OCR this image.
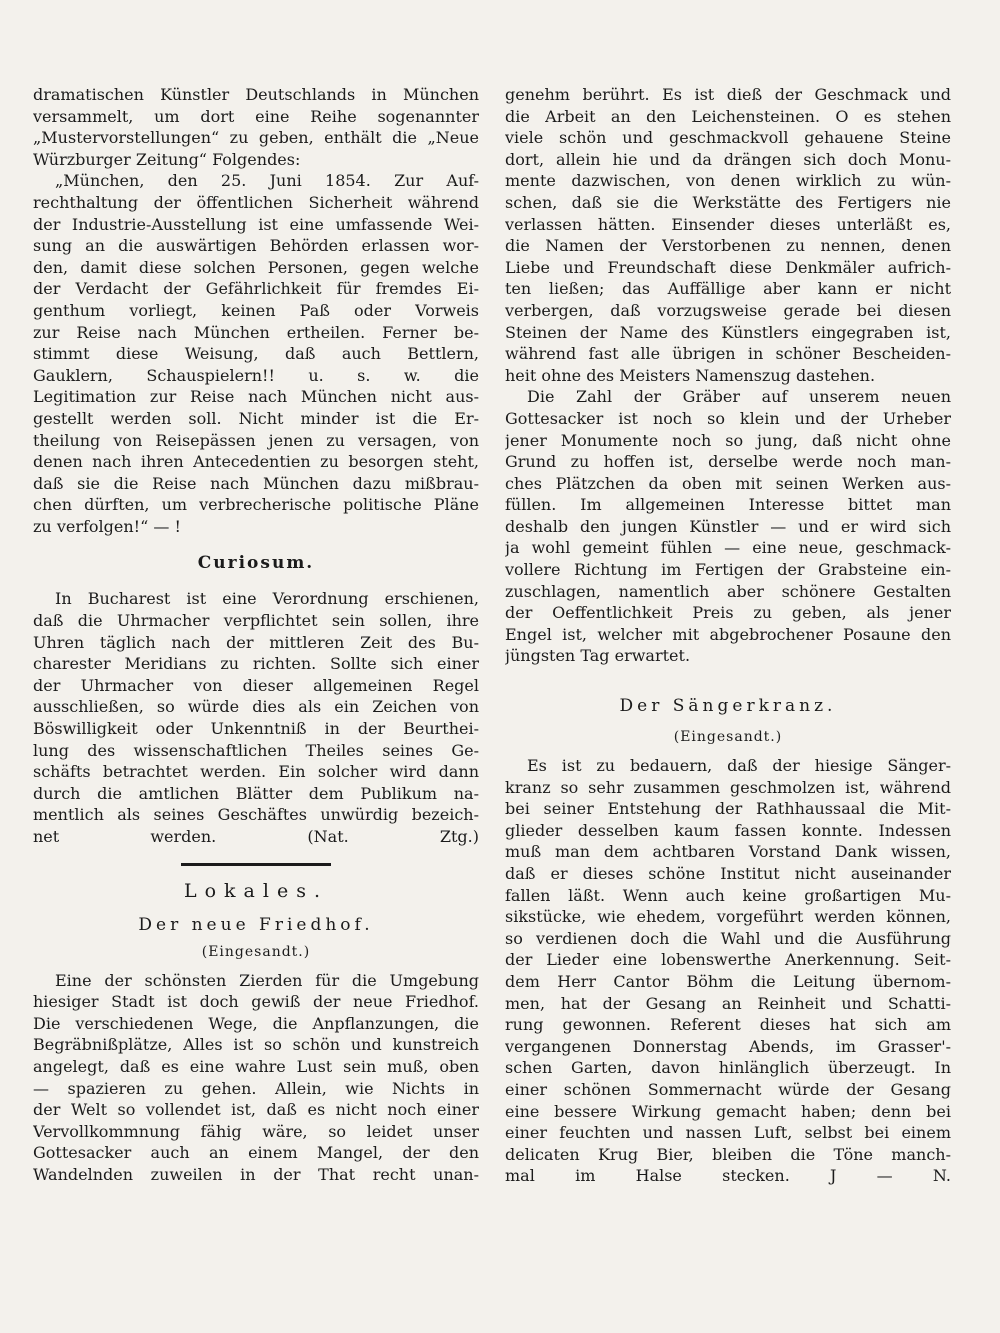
dramatischen Künstler Deutschlands in München
versammelt, um dort eine Reihe sogenannter
„Mustervorstellungen“ zu geben, enthält die „Neue
Würzburger Zeitung“ Folgendes:
„München, den 25. Juni 1854. Zur Auf-
rechthaltung der öffentlichen Sicherheit während
der Industrie-Ausstellung ist eine umfassende Wei-
sung an die auswärtigen Behörden erlassen wor-
den, damit diese solchen Personen, gegen welche
der Verdacht der Gefährlichkeit für fremdes Ei-
genthum vorliegt, keinen Paß oder Vorweis
zur Reise nach München ertheilen. Ferner be-
stimmt diese Weisung, daß auch Bettlern,
Gauklern, Schauspielern!! u. s. w. die
Legitimation zur Reise nach München nicht aus-
gestellt werden soll. Nicht minder ist die Er-
theilung von Reisepässen jenen zu versagen, von
denen nach ihren Antecedentien zu besorgen steht,
daß sie die Reise nach München dazu mißbrau-
chen dürften, um verbrecherische politische Pläne
zu verfolgen!“ — !
Curiosum.
In Bucharest ist eine Verordnung erschienen,
daß die Uhrmacher verpflichtet sein sollen, ihre
Uhren täglich nach der mittleren Zeit des Bu-
charester Meridians zu richten. Sollte sich einer
der Uhrmacher von dieser allgemeinen Regel
ausschließen, so würde dies als ein Zeichen von
Böswilligkeit oder Unkenntniß in der Beurthei-
lung des wissenschaftlichen Theiles seines Ge-
schäfts betrachtet werden. Ein solcher wird dann
durch die amtlichen Blätter dem Publikum na-
mentlich als seines Geschäftes unwürdig bezeich-
net werden. (Nat. Ztg.)
Lokales.
Der neue Friedhof.
(Eingesandt.)
Eine der schönsten Zierden für die Umgebung
hiesiger Stadt ist doch gewiß der neue Friedhof.
Die verschiedenen Wege, die Anpflanzungen, die
Begräbnißplätze, Alles ist so schön und kunstreich
angelegt, daß es eine wahre Lust sein muß, oben
— spazieren zu gehen. Allein, wie Nichts in
der Welt so vollendet ist, daß es nicht noch einer
Vervollkommnung fähig wäre, so leidet unser
Gottesacker auch an einem Mangel, der den
Wandelnden zuweilen in der That recht unan-
genehm berührt. Es ist dieß der Geschmack und
die Arbeit an den Leichensteinen. O es stehen
viele schön und geschmackvoll gehauene Steine
dort, allein hie und da drängen sich doch Monu-
mente dazwischen, von denen wirklich zu wün-
schen, daß sie die Werkstätte des Fertigers nie
verlassen hätten. Einsender dieses unterläßt es,
die Namen der Verstorbenen zu nennen, denen
Liebe und Freundschaft diese Denkmäler aufrich-
ten ließen; das Auffällige aber kann er nicht
verbergen, daß vorzugsweise gerade bei diesen
Steinen der Name des Künstlers eingegraben ist,
während fast alle übrigen in schöner Bescheiden-
heit ohne des Meisters Namenszug dastehen.
Die Zahl der Gräber auf unserem neuen
Gottesacker ist noch so klein und der Urheber
jener Monumente noch so jung, daß nicht ohne
Grund zu hoffen ist, derselbe werde noch man-
ches Plätzchen da oben mit seinen Werken aus-
füllen. Im allgemeinen Interesse bittet man
deshalb den jungen Künstler — und er wird sich
ja wohl gemeint fühlen — eine neue, geschmack-
vollere Richtung im Fertigen der Grabsteine ein-
zuschlagen, namentlich aber schönere Gestalten
der Oeffentlichkeit Preis zu geben, als jener
Engel ist, welcher mit abgebrochener Posaune den
jüngsten Tag erwartet.
Der Sängerkranz.
(Eingesandt.)
Es ist zu bedauern, daß der hiesige Sänger-
kranz so sehr zusammen geschmolzen ist, während
bei seiner Entstehung der Rathhaussaal die Mit-
glieder desselben kaum fassen konnte. Indessen
muß man dem achtbaren Vorstand Dank wissen,
daß er dieses schöne Institut nicht auseinander
fallen läßt. Wenn auch keine großartigen Mu-
sikstücke, wie ehedem, vorgeführt werden können,
so verdienen doch die Wahl und die Ausführung
der Lieder eine lobenswerthe Anerkennung. Seit-
dem Herr Cantor Böhm die Leitung übernom-
men, hat der Gesang an Reinheit und Schatti-
rung gewonnen. Referent dieses hat sich am
vergangenen Donnerstag Abends, im Grasser'-
schen Garten, davon hinlänglich überzeugt. In
einer schönen Sommernacht würde der Gesang
eine bessere Wirkung gemacht haben; denn bei
einer feuchten und nassen Luft, selbst bei einem
delicaten Krug Bier, bleiben die Töne manch-
mal im Halse stecken. J — N.
